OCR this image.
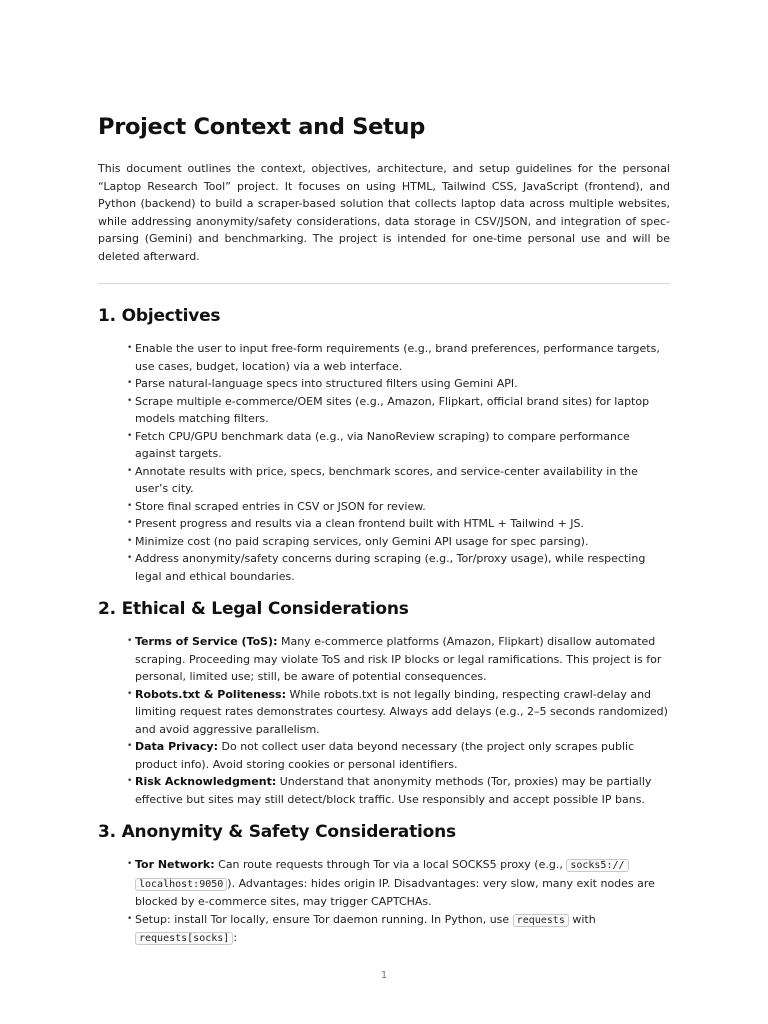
Project Context and Setup

This document outlines the context, objectives, architecture, and setup guidelines for the personal “Laptop Research Tool” project. It focuses on using HTML, Tailwind CSS, JavaScript (frontend), and Python (backend) to build a scraper-based solution that collects laptop data across multiple websites, while addressing anonymity/safety considerations, data storage in CSV/JSON, and integration of spec-parsing (Gemini) and benchmarking. The project is intended for one-time personal use and will be deleted afterward.

1. Objectives
• Enable the user to input free-form requirements (e.g., brand preferences, performance targets, use cases, budget, location) via a web interface.
• Parse natural-language specs into structured filters using Gemini API.
• Scrape multiple e-commerce/OEM sites (e.g., Amazon, Flipkart, official brand sites) for laptop models matching filters.
• Fetch CPU/GPU benchmark data (e.g., via NanoReview scraping) to compare performance against targets.
• Annotate results with price, specs, benchmark scores, and service-center availability in the user’s city.
• Store final scraped entries in CSV or JSON for review.
• Present progress and results via a clean frontend built with HTML + Tailwind + JS.
• Minimize cost (no paid scraping services, only Gemini API usage for spec parsing).
• Address anonymity/safety concerns during scraping (e.g., Tor/proxy usage), while respecting legal and ethical boundaries.
2. Ethical & Legal Considerations
• Terms of Service (ToS): Many e-commerce platforms (Amazon, Flipkart) disallow automated scraping. Proceeding may violate ToS and risk IP blocks or legal ramifications. This project is for personal, limited use; still, be aware of potential consequences.
• Robots.txt & Politeness: While robots.txt is not legally binding, respecting crawl-delay and limiting request rates demonstrates courtesy. Always add delays (e.g., 2–5 seconds randomized) and avoid aggressive parallelism.
• Data Privacy: Do not collect user data beyond necessary (the project only scrapes public product info). Avoid storing cookies or personal identifiers.
• Risk Acknowledgment: Understand that anonymity methods (Tor, proxies) may be partially effective but sites may still detect/block traffic. Use responsibly and accept possible IP bans.
3. Anonymity & Safety Considerations
• Tor Network: Can route requests through Tor via a local SOCKS5 proxy (e.g., socks5://
localhost:9050 ). Advantages: hides origin IP. Disadvantages: very slow, many exit nodes are blocked by e-commerce sites, may trigger CAPTCHAs.
• Setup: install Tor locally, ensure Tor daemon running. In Python, use requests with
requests[socks] :
1
